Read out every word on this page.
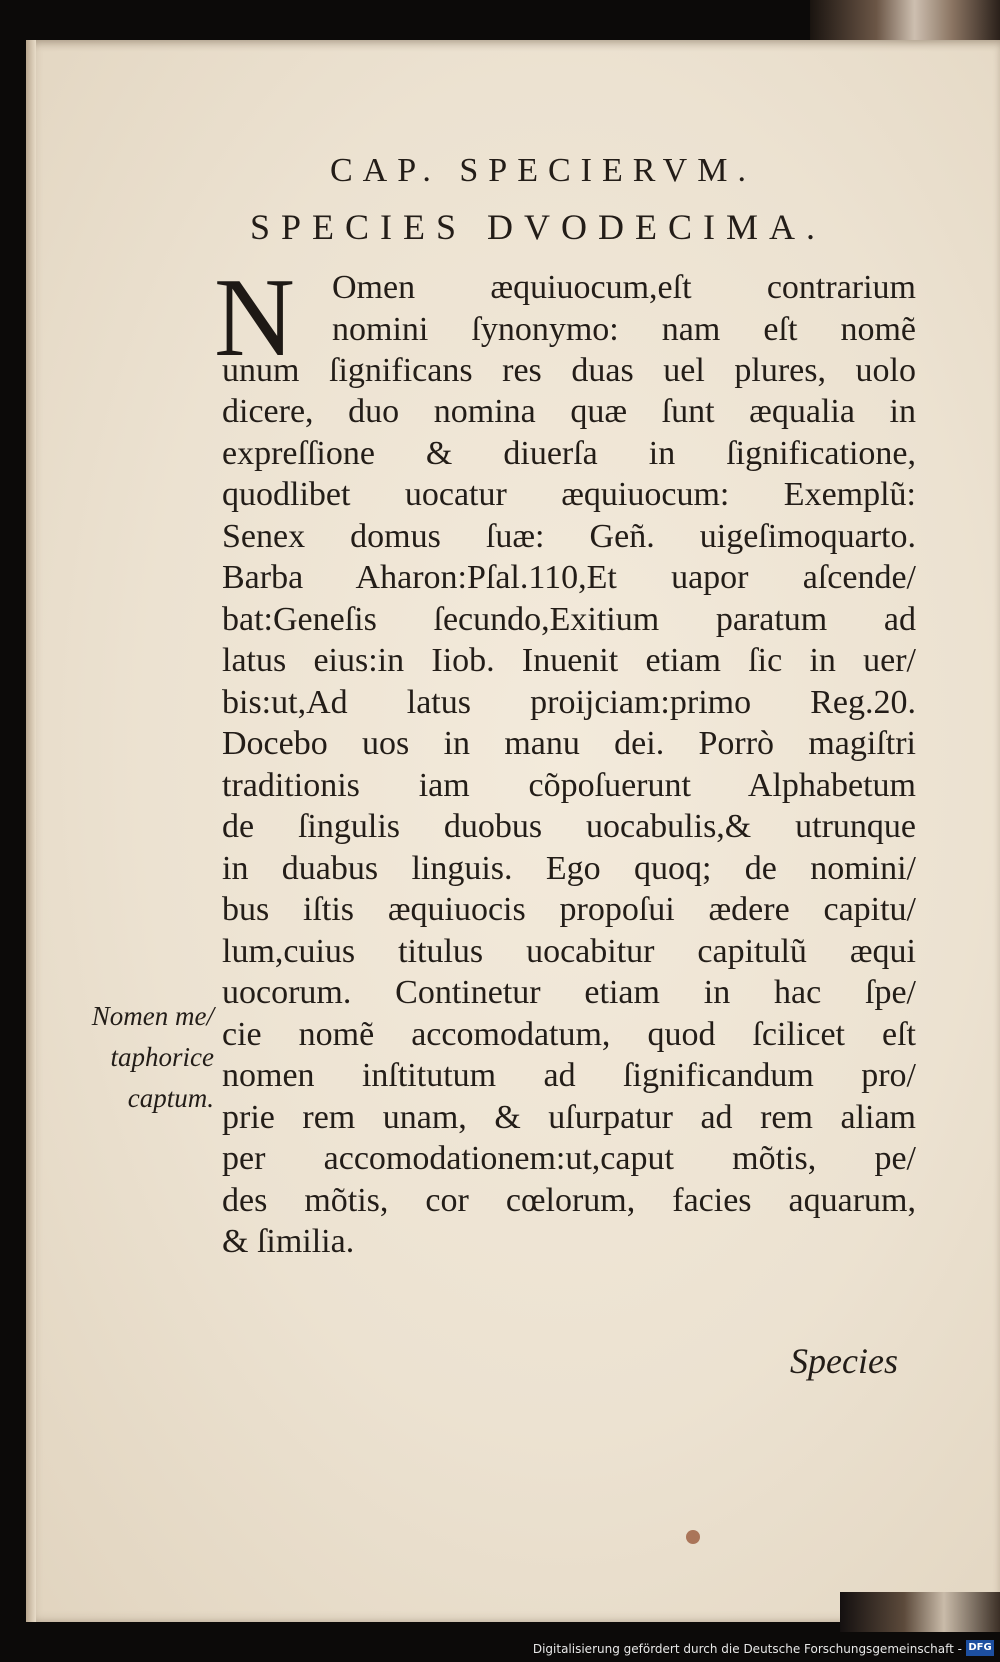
CAP. SPECIERVM.
SPECIES DVODECIMA.
N Omen æquiuocum,eſt contrarium
nomini ſynonymo: nam eſt nomẽ
unum ſignificans res duas uel plures, uolo
dicere, duo nomina quæ ſunt æqualia in
expreſſione & diuerſa in ſignificatione,
quodlibet uocatur æquiuocum: Exemplũ:
Senex domus ſuæ: Geñ. uigeſimoquarto.
Barba Aharon:Pſal.110,Et uapor aſcende/
bat:Geneſis ſecundo,Exitium paratum ad
latus eius:in Iiob. Inuenit etiam ſic in uer/
bis:ut,Ad latus proijciam:primo Reg.20.
Docebo uos in manu dei. Porrò magiſtri
traditionis iam cõpoſuerunt Alphabetum
de ſingulis duobus uocabulis,& utrunque
in duabus linguis. Ego quoq; de nomini/
bus iſtis æquiuocis propoſui ædere capitu/
lum,cuius titulus uocabitur capitulũ æqui
uocorum. Continetur etiam in hac ſpe/
cie nomẽ accomodatum, quod ſcilicet eſt
nomen inſtitutum ad ſignificandum pro/
prie rem unam, & uſurpatur ad rem aliam
per accomodationem:ut,caput mõtis, pe/
des mõtis, cor cœlorum, facies aquarum,
& ſimilia.
Nomen me/
taphorice
captum.
Species
Digitalisierung gefördert durch die Deutsche Forschungsgemeinschaft - DFG
